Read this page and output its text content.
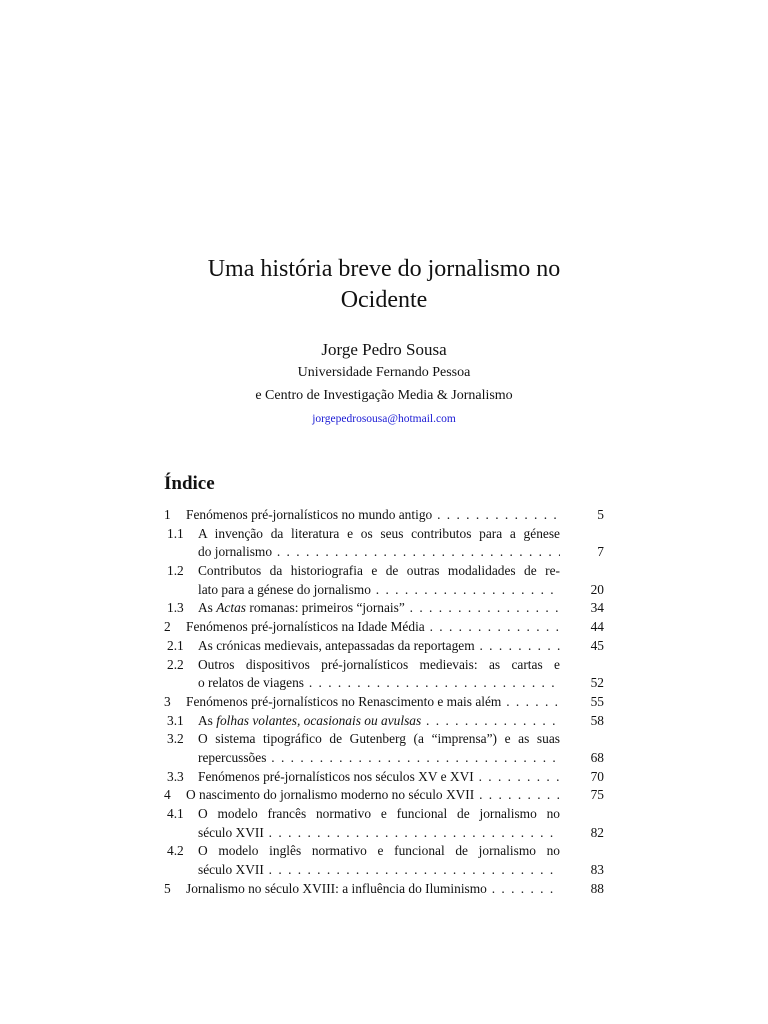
Uma história breve do jornalismo no
Ocidente
Jorge Pedro Sousa
Universidade Fernando Pessoa
e Centro de Investigação Media & Jornalismo
jorgepedrosousa@hotmail.com
Índice
1 Fenómenos pré-jornalísticos no mundo antigo . . .	5
1.1 A invenção da literatura e os seus contributos para a génese
do jornalismo . . .	7
1.2 Contributos da historiografia e de outras modalidades de re-
lato para a génese do jornalismo . . .	20
1.3 As Actas romanas: primeiros “jornais” . . .	34
2 Fenómenos pré-jornalísticos na Idade Média . . .	44
2.1 As crónicas medievais, antepassadas da reportagem . . .	45
2.2 Outros dispositivos pré-jornalísticos medievais: as cartas e
o relatos de viagens . . .	52
3 Fenómenos pré-jornalísticos no Renascimento e mais além . . .	55
3.1 As folhas volantes, ocasionais ou avulsas . . .	58
3.2 O sistema tipográfico de Gutenberg (a “imprensa”) e as suas
repercussões . . .	68
3.3 Fenómenos pré-jornalísticos nos séculos XV e XVI . . .	70
4 O nascimento do jornalismo moderno no século XVII . . .	75
4.1 O modelo francês normativo e funcional de jornalismo no
século XVII . . .	82
4.2 O modelo inglês normativo e funcional de jornalismo no
século XVII . . .	83
5 Jornalismo no século XVIII: a influência do Iluminismo . . .	88
